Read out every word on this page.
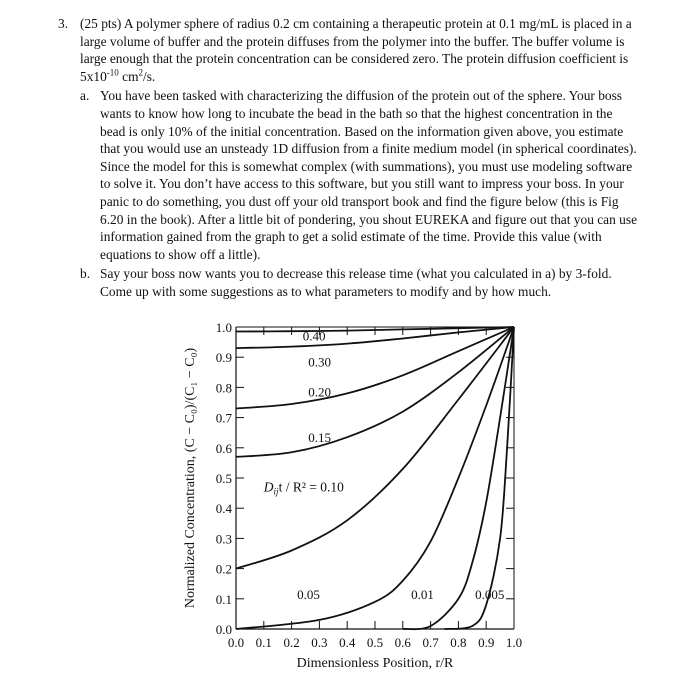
3. (25 pts) A polymer sphere of radius 0.2 cm containing a therapeutic protein at 0.1 mg/mL is placed in a large volume of buffer and the protein diffuses from the polymer into the buffer. The buffer volume is large enough that the protein concentration can be considered zero. The protein diffusion coefficient is $5x10^{-10}$ $cm^2/s$.
a. You have been tasked with characterizing the diffusion of the protein out of the sphere. Your boss wants to know how long to incubate the bead in the bath so that the highest concentration in the bead is only 10% of the initial concentration. Based on the information given above, you estimate that you would use an unsteady 1D diffusion from a finite medium model (in spherical coordinates). Since the model for this is somewhat complex (with summations), you must use modeling software to solve it. You don’t have access to this software, but you still want to impress your boss. In your panic to do something, you dust off your old transport book and find the figure below (this is Fig 6.20 in the book). After a little bit of pondering, you shout EUREKA and figure out that you can use information gained from the graph to get a solid estimate of the time. Provide this value (with equations to show off a little).
b. Say your boss now wants you to decrease this release time (what you calculated in a) by 3-fold. Come up with some suggestions as to what parameters to modify and by how much.
0.0
0.1
0.2
0.3
0.4
0.5
0.6
0.7
0.8
0.9
1.0
0.0 0.1 0.2 0.3 0.4 0.5 0.6 0.7 0.8 0.9 1.0
Dimensionless Position, r/R
Normalized Concentration, (C − C₀)/(C₁ − C₀)
0.40
0.30
0.20
0.15
0.05	0.01	0.005
$D_{ij}t / R^2 = 0.10$
